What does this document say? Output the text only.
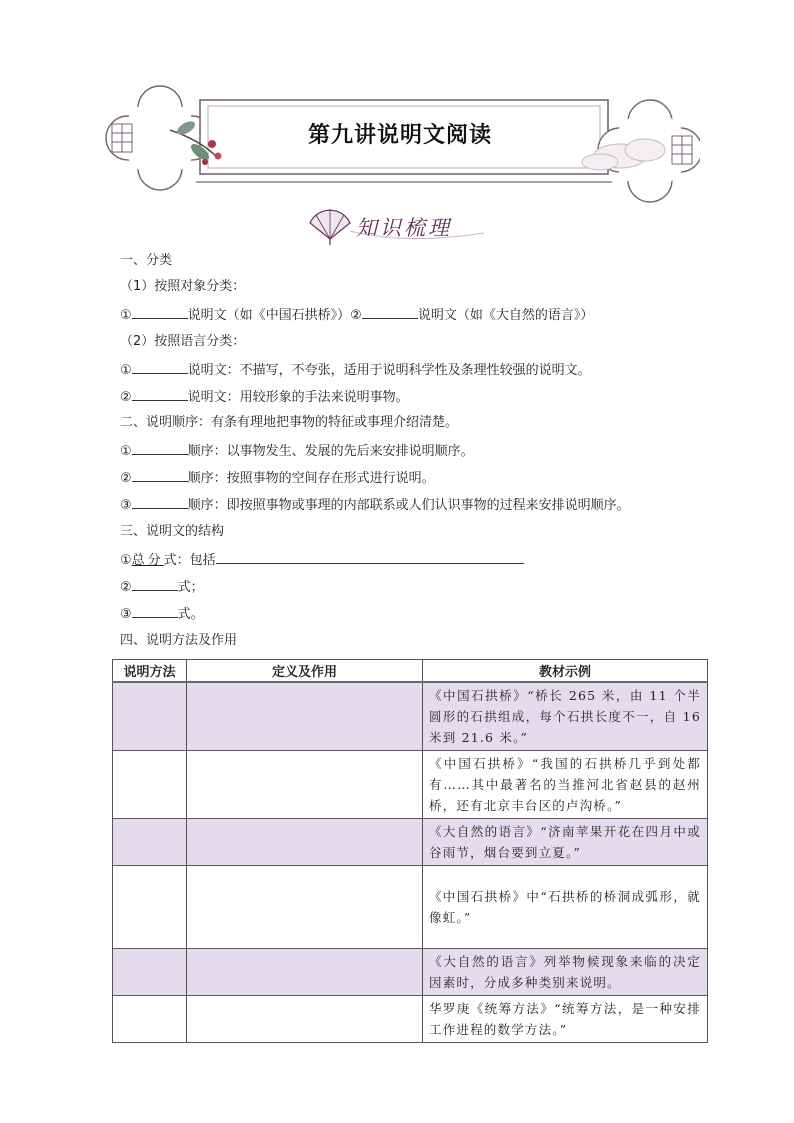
第九讲说明文阅读
知识梳理
一、分类
（1）按照对象分类：
①	说明文（如《中国石拱桥》）②	说明文（如《大自然的语言》）
（2）按照语言分类：
①	说明文：不描写，不夸张，适用于说明科学性及条理性较强的说明文。
②	说明文：用较形象的手法来说明事物。
二、说明顺序：有条有理地把事物的特征或事理介绍清楚。
①	顺序：以事物发生、发展的先后来安排说明顺序。
②	顺序：按照事物的空间存在形式进行说明。
③	顺序：即按照事物或事理的内部联系或人们认识事物的过程来安排说明顺序。
三、说明文的结构
①总分式：包括
②	式；
③	式。
四、说明方法及作用
说明方法	定义及作用	教材示例
		《中国石拱桥》“桥长 265 米，由 11 个半圆形的石拱组成，每个石拱长度不一，自 16 米到 21.6 米。”
		《中国石拱桥》“我国的石拱桥几乎到处都有……其中最著名的当推河北省赵县的赵州桥，还有北京丰台区的卢沟桥。”
		《大自然的语言》“济南苹果开花在四月中或谷雨节，烟台要到立夏。”
		《中国石拱桥》中“石拱桥的桥洞成弧形，就像虹。”
		《大自然的语言》列举物候现象来临的决定因素时，分成多种类别来说明。
		华罗庚《统筹方法》“统筹方法，是一种安排工作进程的数学方法。”
